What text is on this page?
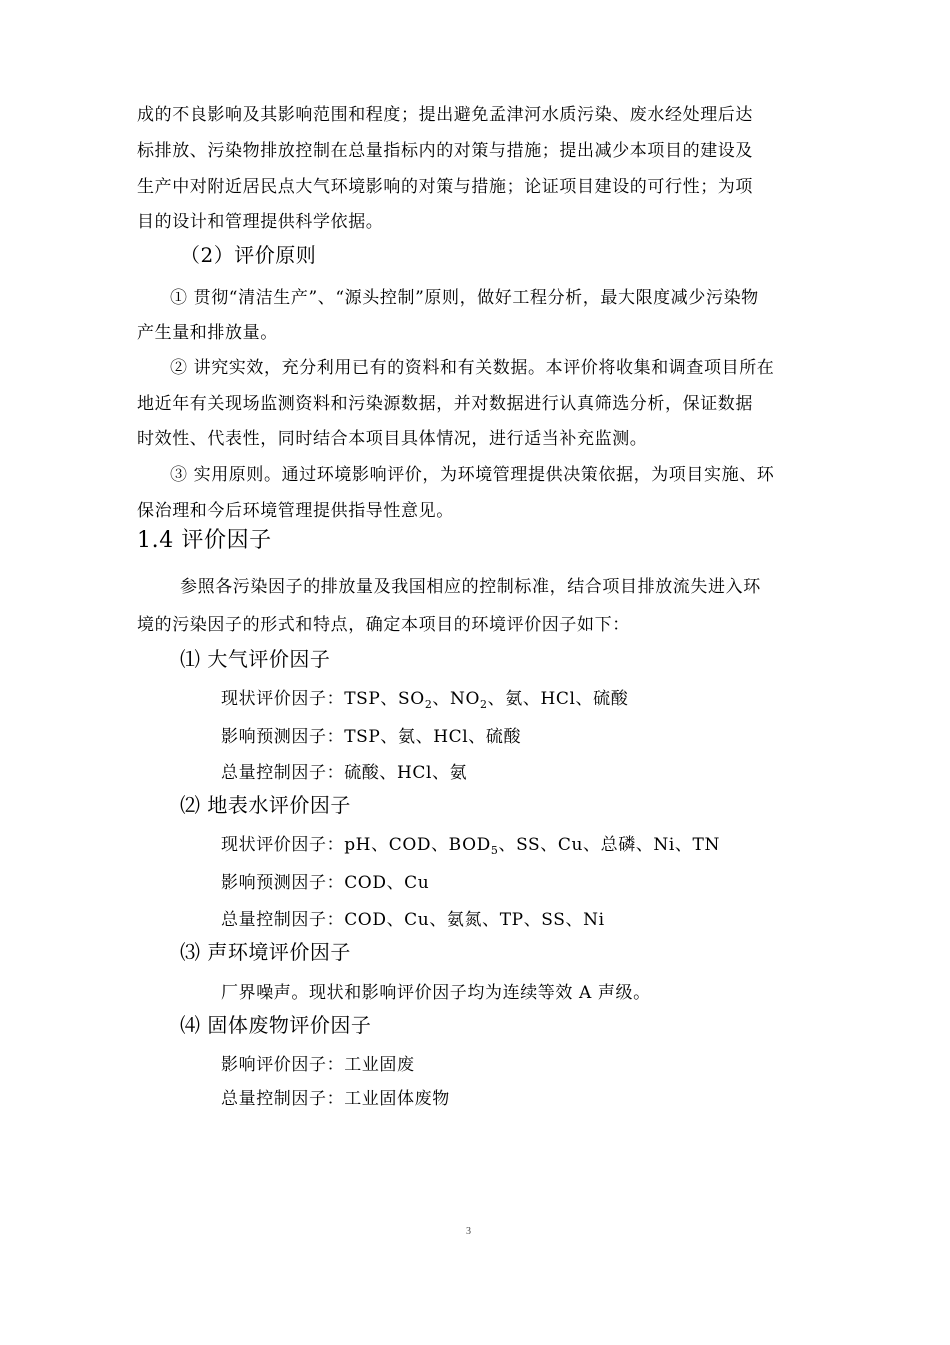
成的不良影响及其影响范围和程度；提出避免孟津河水质污染、废水经处理后达
标排放、污染物排放控制在总量指标内的对策与措施；提出减少本项目的建设及
生产中对附近居民点大气环境影响的对策与措施；论证项目建设的可行性；为项
目的设计和管理提供科学依据。
（2）评价原则
① 贯彻“清洁生产”、“源头控制”原则，做好工程分析，最大限度减少污染物
产生量和排放量。
② 讲究实效，充分利用已有的资料和有关数据。本评价将收集和调查项目所在
地近年有关现场监测资料和污染源数据，并对数据进行认真筛选分析，保证数据
时效性、代表性，同时结合本项目具体情况，进行适当补充监测。
③ 实用原则。通过环境影响评价，为环境管理提供决策依据，为项目实施、环
保治理和今后环境管理提供指导性意见。
1.4 评价因子
参照各污染因子的排放量及我国相应的控制标准，结合项目排放流失进入环
境的污染因子的形式和特点，确定本项目的环境评价因子如下：
⑴ 大气评价因子
现状评价因子：TSP、$SO_2$、$NO_2$、氨、HCl、硫酸
影响预测因子：TSP、氨、HCl、硫酸
总量控制因子：硫酸、HCl、氨
⑵ 地表水评价因子
现状评价因子：pH、COD、$BOD_5$、SS、Cu、总磷、Ni、TN
影响预测因子：COD、Cu
总量控制因子：COD、Cu、氨氮、TP、SS、Ni
⑶ 声环境评价因子
厂界噪声。现状和影响评价因子均为连续等效 A 声级。
⑷ 固体废物评价因子
影响评价因子：工业固废
总量控制因子：工业固体废物
3
